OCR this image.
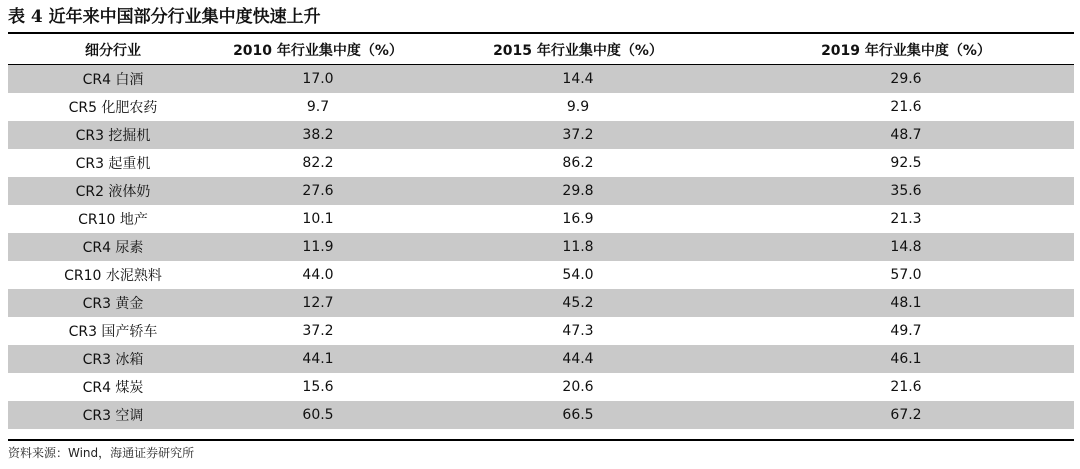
表 4 近年来中国部分行业集中度快速上升
细分行业	2010 年行业集中度（%）	2015 年行业集中度（%）	2019 年行业集中度（%）
CR4 白酒	17.0	14.4	29.6
CR5 化肥农药	9.7	9.9	21.6
CR3 挖掘机	38.2	37.2	48.7
CR3 起重机	82.2	86.2	92.5
CR2 液体奶	27.6	29.8	35.6
CR10 地产	10.1	16.9	21.3
CR4 尿素	11.9	11.8	14.8
CR10 水泥熟料	44.0	54.0	57.0
CR3 黄金	12.7	45.2	48.1
CR3 国产轿车	37.2	47.3	49.7
CR3 冰箱	44.1	44.4	46.1
CR4 煤炭	15.6	20.6	21.6
CR3 空调	60.5	66.5	67.2
资料来源：Wind，海通证券研究所
